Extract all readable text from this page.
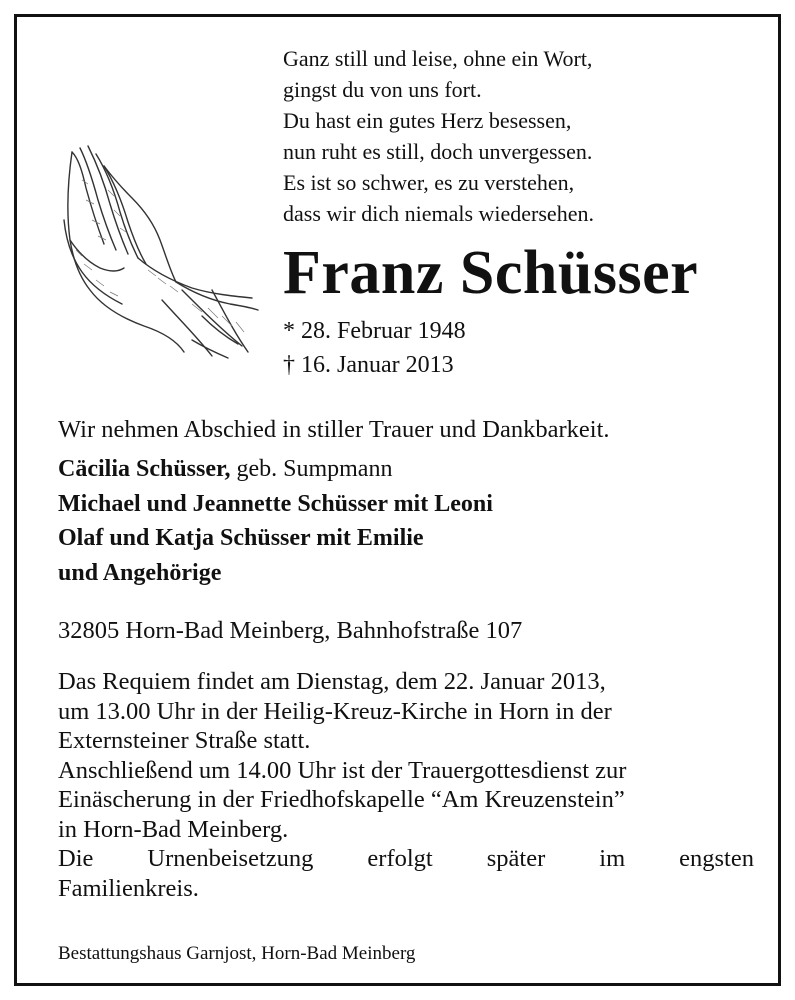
Ganz still und leise, ohne ein Wort,
gingst du von uns fort.
Du hast ein gutes Herz besessen,
nun ruht es still, doch unvergessen.
Es ist so schwer, es zu verstehen,
dass wir dich niemals wiedersehen.
Franz Schüsser
* 28. Februar 1948
† 16. Januar 2013
Wir nehmen Abschied in stiller Trauer und Dankbarkeit.
Cäcilia Schüsser, geb. Sumpmann
Michael und Jeannette Schüsser mit Leoni
Olaf und Katja Schüsser mit Emilie
und Angehörige
32805 Horn-Bad Meinberg, Bahnhofstraße 107
Das Requiem findet am Dienstag, dem 22. Januar 2013,
um 13.00 Uhr in der Heilig-Kreuz-Kirche in Horn in der
Externsteiner Straße statt.
Anschließend um 14.00 Uhr ist der Trauergottesdienst zur
Einäscherung in der Friedhofskapelle “Am Kreuzenstein”
in Horn-Bad Meinberg.
Die Urnenbeisetzung erfolgt später im engsten
Familienkreis.
Bestattungshaus Garnjost, Horn-Bad Meinberg
